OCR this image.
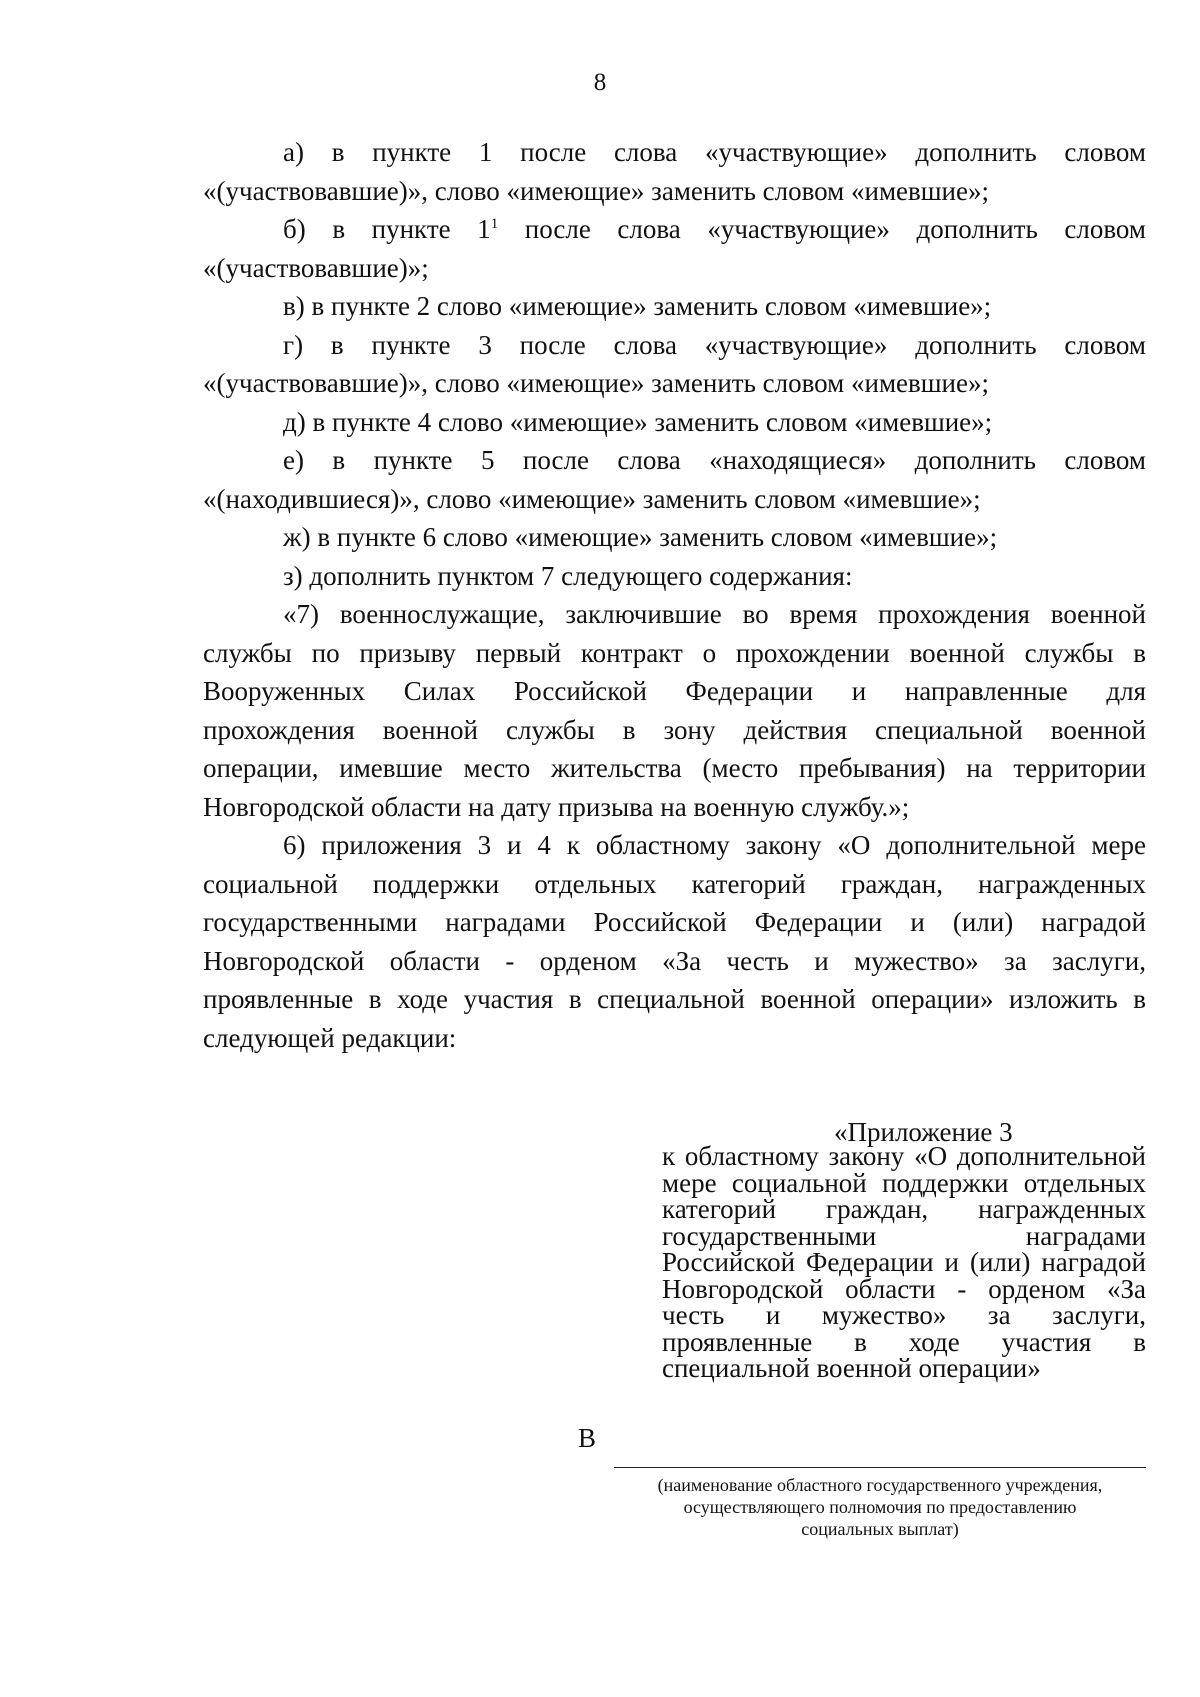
8

а) в пункте 1 после слова «участвующие» дополнить словом

«(участвовавшие)», слово «имеющие» заменить словом «имевшие»;

б) в пункте $1^1$ после слова «участвующие» дополнить словом

«(участвовавшие)»;

в) в пункте 2 слово «имеющие» заменить словом «имевшие»;

г) в пункте 3 после слова «участвующие» дополнить словом

«(участвовавшие)», слово «имеющие» заменить словом «имевшие»;

д) в пункте 4 слово «имеющие» заменить словом «имевшие»;

е) в пункте 5 после слова «находящиеся» дополнить словом

«(находившиеся)», слово «имеющие» заменить словом «имевшие»;

ж) в пункте 6 слово «имеющие» заменить словом «имевшие»;

з) дополнить пунктом 7 следующего содержания:

«7) военнослужащие, заключившие во время прохождения военной

службы по призыву первый контракт о прохождении военной службы в

Вооруженных Силах Российской Федерации и направленные для

прохождения военной службы в зону действия специальной военной

операции, имевшие место жительства (место пребывания) на территории

Новгородской области на дату призыва на военную службу.»;

6) приложения 3 и 4 к областному закону «О дополнительной мере

социальной поддержки отдельных категорий граждан, награжденных

государственными наградами Российской Федерации и (или) наградой

Новгородской области - орденом «За честь и мужество» за заслуги,

проявленные в ходе участия в специальной военной операции» изложить в

следующей редакции:

«Приложение 3

к областному закону «О дополнительной

мере социальной поддержки отдельных

категорий граждан, награжденных

государственными наградами

Российской Федерации и (или) наградой

Новгородской области - орденом «За

честь и мужество» за заслуги,

проявленные в ходе участия в

специальной военной операции»

В
(наименование областного государственного учреждения,
осуществляющего полномочия по предоставлению
социальных выплат)
